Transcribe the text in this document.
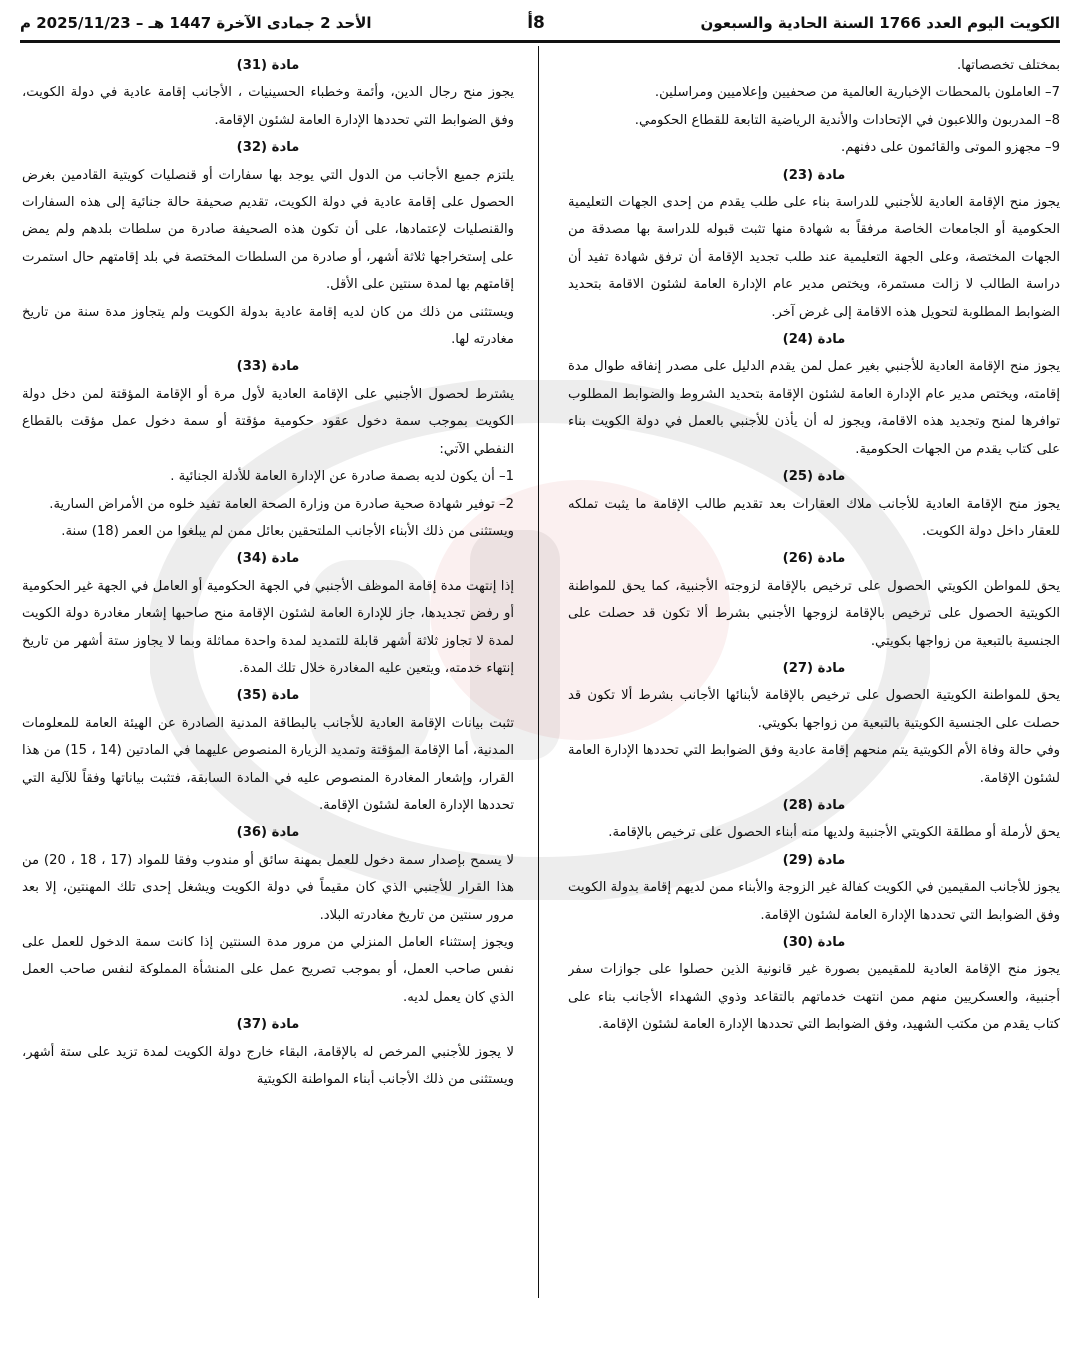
الكويت اليوم العدد 1766 السنة الحادية والسبعون
8أ
الأحد 2 جمادى الآخرة 1447 هـ – 2025/11/23 م

بمختلف تخصصاتها.

7– العاملون بالمحطات الإخبارية العالمية من صحفيين وإعلاميين ومراسلين.

8– المدربون واللاعبون في الإتحادات والأندية الرياضية التابعة للقطاع الحكومي.

9– مجهزو الموتى والقائمون على دفنهم.

مادة (23)

يجوز منح الإقامة العادية للأجنبي للدراسة بناء على طلب يقدم من إحدى الجهات التعليمية الحكومية أو الجامعات الخاصة مرفقاً به شهادة منها تثبت قبوله للدراسة بها مصدقة من الجهات المختصة، وعلى الجهة التعليمية عند طلب تجديد الإقامة أن ترفق شهادة تفيد أن دراسة الطالب لا زالت مستمرة، ويختص مدير عام الإدارة العامة لشئون الاقامة بتحديد الضوابط المطلوبة لتحويل هذه الاقامة إلى غرض آخر.

مادة (24)

يجوز منح الإقامة العادية للأجنبي بغير عمل لمن يقدم الدليل على مصدر إنفاقه طوال مدة إقامته، ويختص مدير عام الإدارة العامة لشئون الإقامة بتحديد الشروط والضوابط المطلوب توافرها لمنح وتجديد هذه الاقامة، ويجوز له أن يأذن للأجنبي بالعمل في دولة الكويت بناء على كتاب يقدم من الجهات الحكومية.

مادة (25)

يجوز منح الإقامة العادية للأجانب ملاك العقارات بعد تقديم طالب الإقامة ما يثبت تملكه للعقار داخل دولة الكويت.

مادة (26)

يحق للمواطن الكويتي الحصول على ترخيص بالإقامة لزوجته الأجنبية، كما يحق للمواطنة الكويتية الحصول على ترخيص بالإقامة لزوجها الأجنبي بشرط ألا تكون قد حصلت على الجنسية بالتبعية من زواجها بكويتي.

مادة (27)

يحق للمواطنة الكويتية الحصول على ترخيص بالإقامة لأبنائها الأجانب بشرط ألا تكون قد حصلت على الجنسية الكويتية بالتبعية من زواجها بكويتي.

وفي حالة وفاة الأم الكويتية يتم منحهم إقامة عادية وفق الضوابط التي تحددها الإدارة العامة لشئون الإقامة.

مادة (28)

يحق لأرملة أو مطلقة الكويتي الأجنبية ولديها منه أبناء الحصول على ترخيص بالإقامة.

مادة (29)

يجوز للأجانب المقيمين في الكويت كفالة غير الزوجة والأبناء ممن لديهم إقامة بدولة الكويت وفق الضوابط التي تحددها الإدارة العامة لشئون الإقامة.

مادة (30)

يجوز منح الإقامة العادية للمقيمين بصورة غير قانونية الذين حصلوا على جوازات سفر أجنبية، والعسكريين منهم ممن انتهت خدماتهم بالتقاعد وذوي الشهداء الأجانب بناء على كتاب يقدم من مكتب الشهيد، وفق الضوابط التي تحددها الإدارة العامة لشئون الإقامة.

مادة (31)

يجوز منح رجال الدين، وأئمة وخطباء الحسينيات ، الأجانب إقامة عادية في دولة الكويت، وفق الضوابط التي تحددها الإدارة العامة لشئون الإقامة.

مادة (32)

يلتزم جميع الأجانب من الدول التي يوجد بها سفارات أو قنصليات كويتية القادمين بغرض الحصول على إقامة عادية في دولة الكويت، تقديم صحيفة حالة جنائية إلى هذه السفارات والقنصليات لإعتمادها، على أن تكون هذه الصحيفة صادرة من سلطات بلدهم ولم يمض على إستخراجها ثلاثة أشهر، أو صادرة من السلطات المختصة في بلد إقامتهم حال استمرت إقامتهم بها لمدة سنتين على الأقل.

ويستثنى من ذلك من كان لديه إقامة عادية بدولة الكويت ولم يتجاوز مدة سنة من تاريخ مغادرته لها.

مادة (33)

يشترط لحصول الأجنبي على الإقامة العادية لأول مرة أو الإقامة المؤقتة لمن دخل دولة الكويت بموجب سمة دخول عقود حكومية مؤقتة أو سمة دخول عمل مؤقت بالقطاع النفطي الآتي:

1– أن يكون لديه بصمة صادرة عن الإدارة العامة للأدلة الجنائية .

2– توفير شهادة صحية صادرة من وزارة الصحة العامة تفيد خلوه من الأمراض السارية.

ويستثنى من ذلك الأبناء الأجانب الملتحقين بعائل ممن لم يبلغوا من العمر (18) سنة.

مادة (34)

إذا إنتهت مدة إقامة الموظف الأجنبي في الجهة الحكومية أو العامل في الجهة غير الحكومية أو رفض تجديدها، جاز للإدارة العامة لشئون الإقامة منح صاحبها إشعار مغادرة دولة الكويت لمدة لا تجاوز ثلاثة أشهر قابلة للتمديد لمدة واحدة مماثلة وبما لا يجاوز ستة أشهر من تاريخ إنتهاء خدمته، ويتعين عليه المغادرة خلال تلك المدة.

مادة (35)

تثبت بيانات الإقامة العادية للأجانب بالبطاقة المدنية الصادرة عن الهيئة العامة للمعلومات المدنية، أما الإقامة المؤقتة وتمديد الزيارة المنصوص عليهما في المادتين (14 ، 15) من هذا القرار، وإشعار المغادرة المنصوص عليه في المادة السابقة، فتثبت بياناتها وفقاً للآلية التي تحددها الإدارة العامة لشئون الإقامة.

مادة (36)

لا يسمح بإصدار سمة دخول للعمل بمهنة سائق أو مندوب وفقا للمواد (17 ، 18 ، 20) من هذا القرار للأجنبي الذي كان مقيماً في دولة الكويت ويشغل إحدى تلك المهنتين، إلا بعد مرور سنتين من تاريخ مغادرته البلاد.

ويجوز إستثناء العامل المنزلي من مرور مدة السنتين إذا كانت سمة الدخول للعمل على نفس صاحب العمل، أو بموجب تصريح عمل على المنشأة المملوكة لنفس صاحب العمل الذي كان يعمل لديه.

مادة (37)

لا يجوز للأجنبي المرخص له بالإقامة، البقاء خارج دولة الكويت لمدة تزيد على ستة أشهر، ويستثنى من ذلك الأجانب أبناء المواطنة الكويتية
